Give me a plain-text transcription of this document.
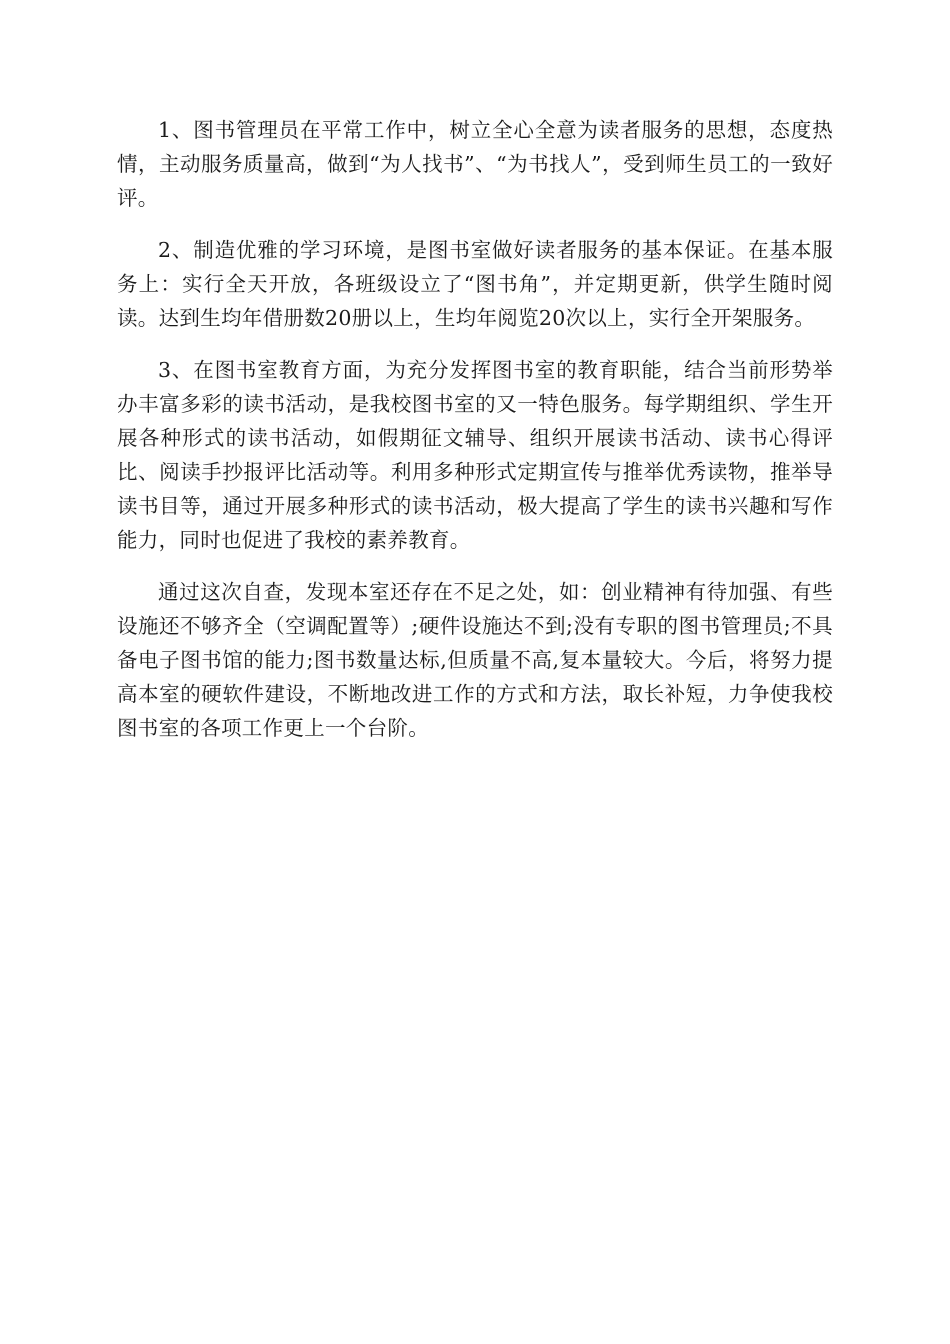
1、图书管理员在平常工作中，树立全心全意为读者服务的思想，态度热情，主动服务质量高，做到“为人找书”、“为书找人”，受到师生员工的一致好评。

2、制造优雅的学习环境，是图书室做好读者服务的基本保证。在基本服务上：实行全天开放，各班级设立了“图书角”，并定期更新，供学生随时阅读。达到生均年借册数20册以上，生均年阅览20次以上，实行全开架服务。

3、在图书室教育方面，为充分发挥图书室的教育职能，结合当前形势举办丰富多彩的读书活动，是我校图书室的又一特色服务。每学期组织、学生开展各种形式的读书活动，如假期征文辅导、组织开展读书活动、读书心得评比、阅读手抄报评比活动等。利用多种形式定期宣传与推举优秀读物，推举导读书目等，通过开展多种形式的读书活动，极大提高了学生的读书兴趣和写作能力，同时也促进了我校的素养教育。

通过这次自查，发现本室还存在不足之处，如：创业精神有待加强、有些设施还不够齐全（空调配置等）;硬件设施达不到;没有专职的图书管理员;不具备电子图书馆的能力;图书数量达标,但质量不高,复本量较大。今后，将努力提高本室的硬软件建设，不断地改进工作的方式和方法，取长补短，力争使我校图书室的各项工作更上一个台阶。
